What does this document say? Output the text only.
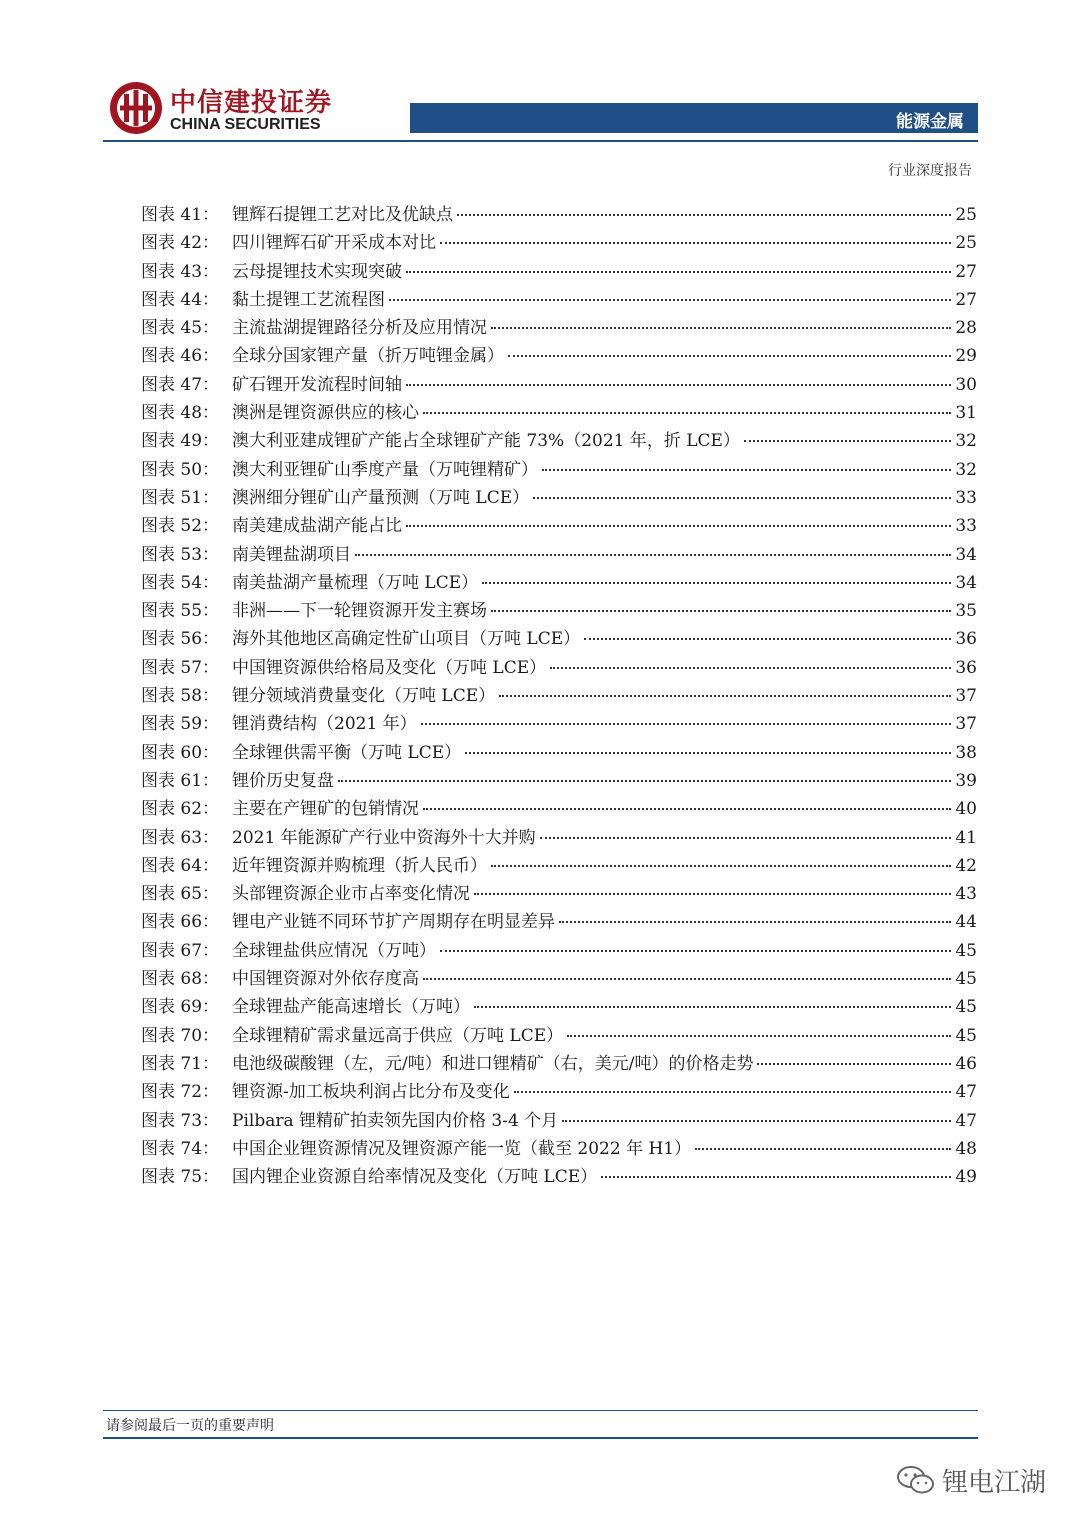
中信建投证券
CHINA SECURITIES	能源金属
行业深度报告
图表 41： 锂辉石提锂工艺对比及优缺点	25
图表 42： 四川锂辉石矿开采成本对比	25
图表 43： 云母提锂技术实现突破	27
图表 44： 黏土提锂工艺流程图	27
图表 45： 主流盐湖提锂路径分析及应用情况	28
图表 46： 全球分国家锂产量（折万吨锂金属）	29
图表 47： 矿石锂开发流程时间轴	30
图表 48： 澳洲是锂资源供应的核心	31
图表 49： 澳大利亚建成锂矿产能占全球锂矿产能 73%（2021 年，折 LCE）	32
图表 50： 澳大利亚锂矿山季度产量（万吨锂精矿）	32
图表 51： 澳洲细分锂矿山产量预测（万吨 LCE）	33
图表 52： 南美建成盐湖产能占比	33
图表 53： 南美锂盐湖项目	34
图表 54： 南美盐湖产量梳理（万吨 LCE）	34
图表 55： 非洲——下一轮锂资源开发主赛场	35
图表 56： 海外其他地区高确定性矿山项目（万吨 LCE）	36
图表 57： 中国锂资源供给格局及变化（万吨 LCE）	36
图表 58： 锂分领域消费量变化（万吨 LCE）	37
图表 59： 锂消费结构（2021 年）	37
图表 60： 全球锂供需平衡（万吨 LCE）	38
图表 61： 锂价历史复盘	39
图表 62： 主要在产锂矿的包销情况	40
图表 63： 2021 年能源矿产行业中资海外十大并购	41
图表 64： 近年锂资源并购梳理（折人民币）	42
图表 65： 头部锂资源企业市占率变化情况	43
图表 66： 锂电产业链不同环节扩产周期存在明显差异	44
图表 67： 全球锂盐供应情况（万吨）	45
图表 68： 中国锂资源对外依存度高	45
图表 69： 全球锂盐产能高速增长（万吨）	45
图表 70： 全球锂精矿需求量远高于供应（万吨 LCE）	45
图表 71： 电池级碳酸锂（左，元/吨）和进口锂精矿（右，美元/吨）的价格走势	46
图表 72： 锂资源-加工板块利润占比分布及变化	47
图表 73： Pilbara 锂精矿拍卖领先国内价格 3-4 个月	47
图表 74： 中国企业锂资源情况及锂资源产能一览（截至 2022 年 H1）	48
图表 75： 国内锂企业资源自给率情况及变化（万吨 LCE）	49
请参阅最后一页的重要声明
锂电江湖
